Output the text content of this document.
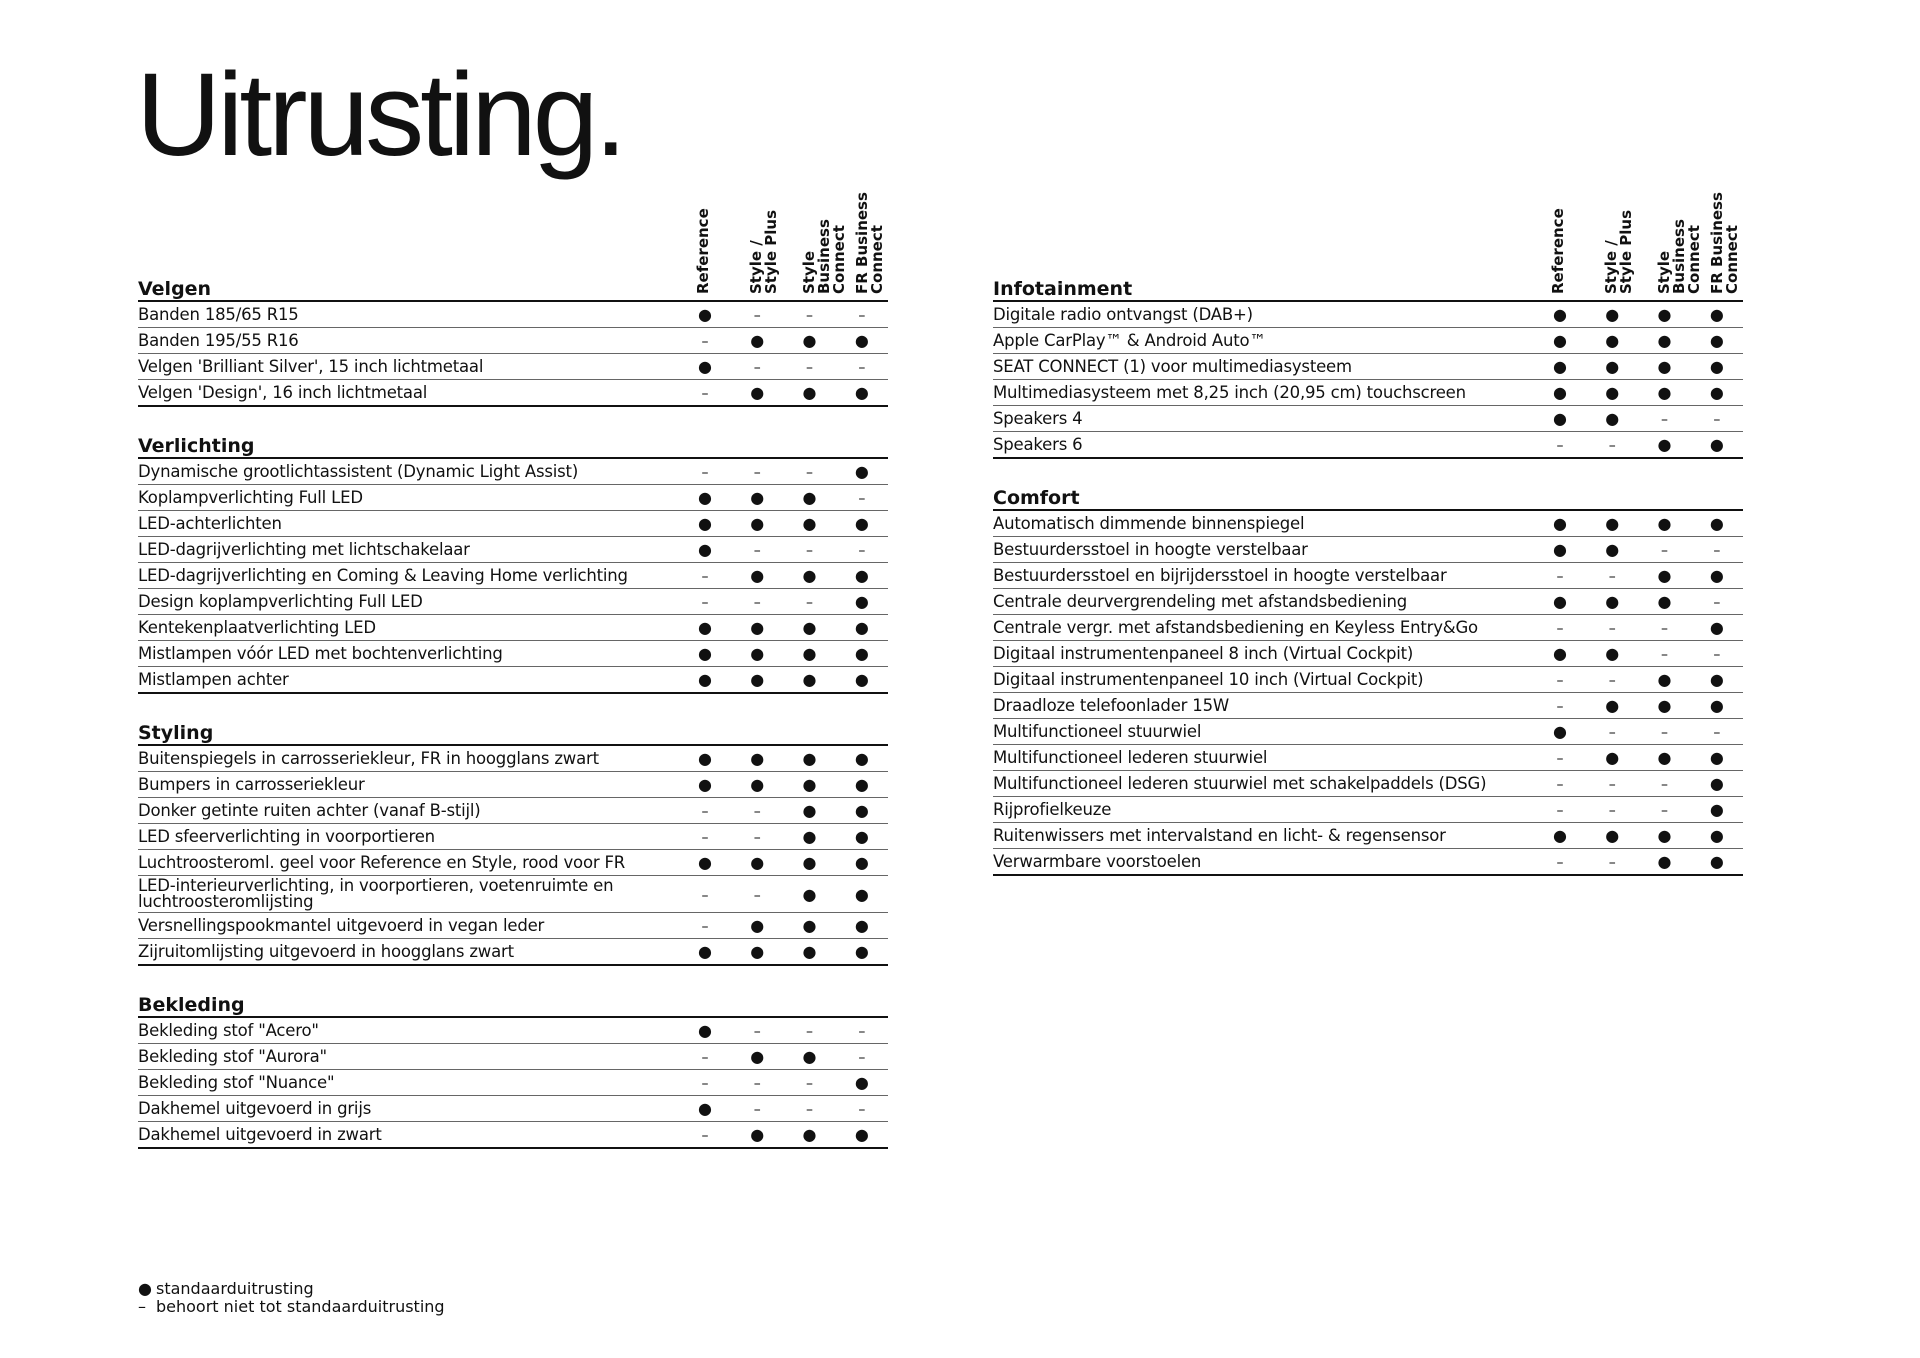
Uitrusting.
Reference Style /
Style Plus
Style
Business
Connect FR Business
Connect
Velgen
Banden 185/65 R15
●
–
–
–
Banden 195/55 R16
–
●
●
●
Velgen 'Brilliant Silver', 15 inch lichtmetaal
●
–
–
–
Velgen 'Design', 16 inch lichtmetaal
–
●
●
●
Verlichting
Dynamische grootlichtassistent (Dynamic Light Assist)
–
–
–
●
Koplampverlichting Full LED
●
●
●
–
LED-achterlichten
●
●
●
●
LED-dagrijverlichting met lichtschakelaar
●
–
–
–
LED-dagrijverlichting en Coming & Leaving Home verlichting
–
●
●
●
Design koplampverlichting Full LED
–
–
–
●
Kentekenplaatverlichting LED
●
●
●
●
Mistlampen vóór LED met bochtenverlichting
●
●
●
●
Mistlampen achter
●
●
●
●
Styling
Buitenspiegels in carrosseriekleur, FR in hoogglans zwart
●
●
●
●
Bumpers in carrosseriekleur
●
●
●
●
Donker getinte ruiten achter (vanaf B-stijl)
–
–
●
●
LED sfeerverlichting in voorportieren
–
–
●
●
Luchtroosteroml. geel voor Reference en Style, rood voor FR
●
●
●
●
LED-interieurverlichting, in voorportieren, voetenruimte en luchtroosteromlijsting
–
–
●
●
Versnellingspookmantel uitgevoerd in vegan leder
–
●
●
●
Zijruitomlijsting uitgevoerd in hoogglans zwart
●
●
●
●
Bekleding
Bekleding stof "Acero"
●
–
–
–
Bekleding stof "Aurora"
–
●
●
–
Bekleding stof "Nuance"
–
–
–
●
Dakhemel uitgevoerd in grijs
●
–
–
–
Dakhemel uitgevoerd in zwart
–
●
●
●
Reference Style /
Style Plus
Style
Business
Connect FR Business
Connect
Infotainment
Digitale radio ontvangst (DAB+)
●
●
●
●
Apple CarPlay™ & Android Auto™
●
●
●
●
SEAT CONNECT (1) voor multimediasysteem
●
●
●
●
Multimediasysteem met 8,25 inch (20,95 cm) touchscreen
●
●
●
●
Speakers 4
●
●
–
–
Speakers 6
–
–
●
●
Comfort
Automatisch dimmende binnenspiegel
●
●
●
●
Bestuurdersstoel in hoogte verstelbaar
●
●
–
–
Bestuurdersstoel en bijrijdersstoel in hoogte verstelbaar
–
–
●
●
Centrale deurvergrendeling met afstandsbediening
●
●
●
–
Centrale vergr. met afstandsbediening en Keyless Entry&Go
–
–
–
●
Digitaal instrumentenpaneel 8 inch (Virtual Cockpit)
●
●
–
–
Digitaal instrumentenpaneel 10 inch (Virtual Cockpit)
–
–
●
●
Draadloze telefoonlader 15W
–
●
●
●
Multifunctioneel stuurwiel
●
–
–
–
Multifunctioneel lederen stuurwiel
–
●
●
●
Multifunctioneel lederen stuurwiel met schakelpaddels (DSG)
–
–
–
●
Rijprofielkeuze
–
–
–
●
Ruitenwissers met intervalstand en licht- & regensensor
●
●
●
●
Verwarmbare voorstoelen
–
–
●
●
● standaarduitrusting
– behoort niet tot standaarduitrusting
